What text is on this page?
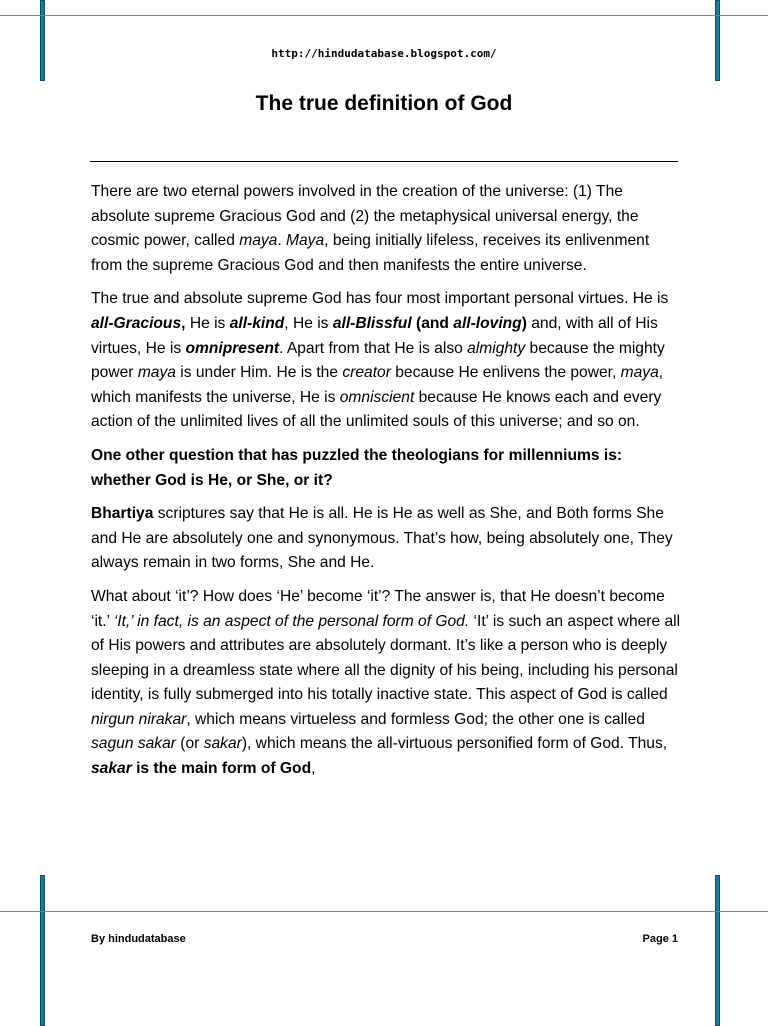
http://hindudatabase.blogspot.com/
The true definition of God

There are two eternal powers involved in the creation of the universe: (1) The absolute supreme Gracious God and (2) the metaphysical universal energy, the cosmic power, called maya. Maya, being initially lifeless, receives its enlivenment from the supreme Gracious God and then manifests the entire universe.

The true and absolute supreme God has four most important personal virtues. He is all-Gracious, He is all-kind, He is all-Blissful (and all-loving) and, with all of His virtues, He is omnipresent. Apart from that He is also almighty because the mighty power maya is under Him. He is the creator because He enlivens the power, maya, which manifests the universe, He is omniscient because He knows each and every action of the unlimited lives of all the unlimited souls of this universe; and so on.

One other question that has puzzled the theologians for millenniums is: whether God is He, or She, or it?

Bhartiya scriptures say that He is all. He is He as well as She, and Both forms She and He are absolutely one and synonymous. That’s how, being absolutely one, They always remain in two forms, She and He.

What about ‘it’? How does ‘He’ become ‘it’? The answer is, that He doesn’t become ‘it.’ ‘It,’ in fact, is an aspect of the personal form of God. ‘It’ is such an aspect where all of His powers and attributes are absolutely dormant. It’s like a person who is deeply sleeping in a dreamless state where all the dignity of his being, including his personal identity, is fully submerged into his totally inactive state. This aspect of God is called nirgun nirakar, which means virtueless and formless God; the other one is called sagun sakar (or sakar), which means the all-virtuous personified form of God. Thus, sakar is the main form of God,

By hindudatabase	Page 1
